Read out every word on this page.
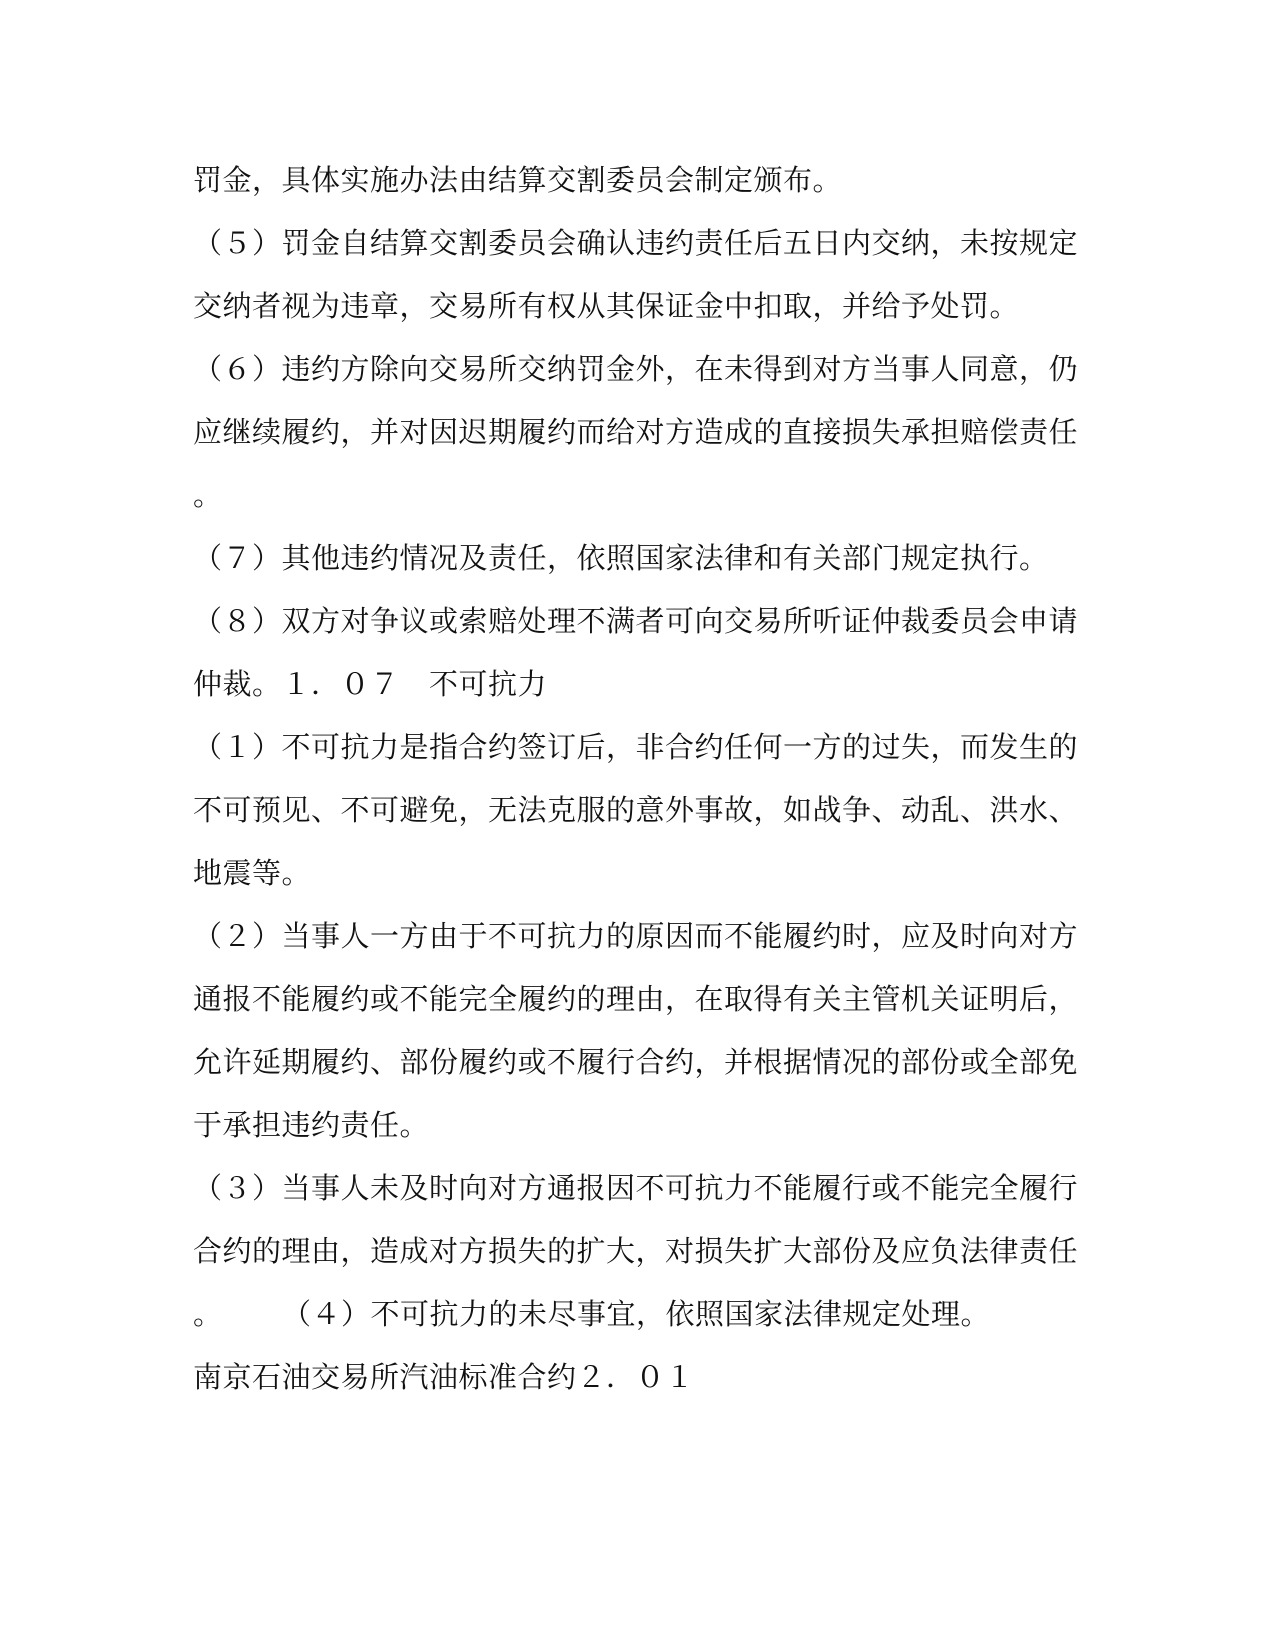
罚金，具体实施办法由结算交割委员会制定颁布。
（５）罚金自结算交割委员会确认违约责任后五日内交纳，未按规定
交纳者视为违章，交易所有权从其保证金中扣取，并给予处罚。
（６）违约方除向交易所交纳罚金外，在未得到对方当事人同意，仍
应继续履约，并对因迟期履约而给对方造成的直接损失承担赔偿责任
。
（７）其他违约情况及责任，依照国家法律和有关部门规定执行。
（８）双方对争议或索赔处理不满者可向交易所听证仲裁委员会申请
仲裁。１．０７　不可抗力
（１）不可抗力是指合约签订后，非合约任何一方的过失，而发生的
不可预见、不可避免，无法克服的意外事故，如战争、动乱、洪水、
地震等。
（２）当事人一方由于不可抗力的原因而不能履约时，应及时向对方
通报不能履约或不能完全履约的理由，在取得有关主管机关证明后，
允许延期履约、部份履约或不履行合约，并根据情况的部份或全部免
于承担违约责任。
（３）当事人未及时向对方通报因不可抗力不能履行或不能完全履行
合约的理由，造成对方损失的扩大，对损失扩大部份及应负法律责任
。　　　（４）不可抗力的未尽事宜，依照国家法律规定处理。
南京石油交易所汽油标准合约２．０１
